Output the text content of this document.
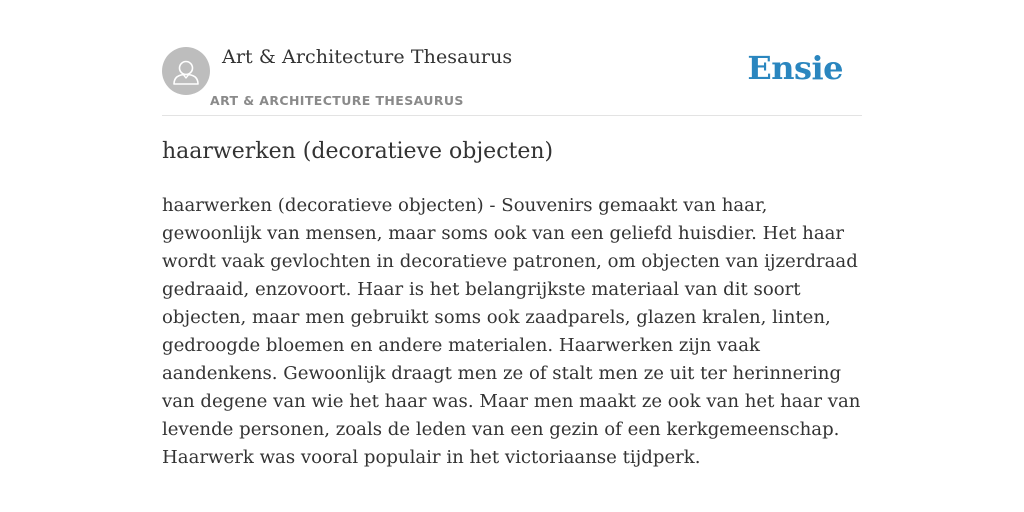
Art & Architecture Thesaurus
ART & ARCHITECTURE THESAURUS
Ensie
haarwerken (decoratieve objecten)

haarwerken (decoratieve objecten) - Souvenirs gemaakt van haar, gewoonlijk van mensen, maar soms ook van een geliefd huisdier. Het haar wordt vaak gevlochten in decoratieve patronen, om objecten van ijzerdraad gedraaid, enzovoort. Haar is het belangrijkste materiaal van dit soort objecten, maar men gebruikt soms ook zaadparels, glazen kralen, linten, gedroogde bloemen en andere materialen. Haarwerken zijn vaak aandenkens. Gewoonlijk draagt men ze of stalt men ze uit ter herinnering van degene van wie het haar was. Maar men maakt ze ook van het haar van levende personen, zoals de leden van een gezin of een kerkgemeenschap. Haarwerk was vooral populair in het victoriaanse tijdperk.
